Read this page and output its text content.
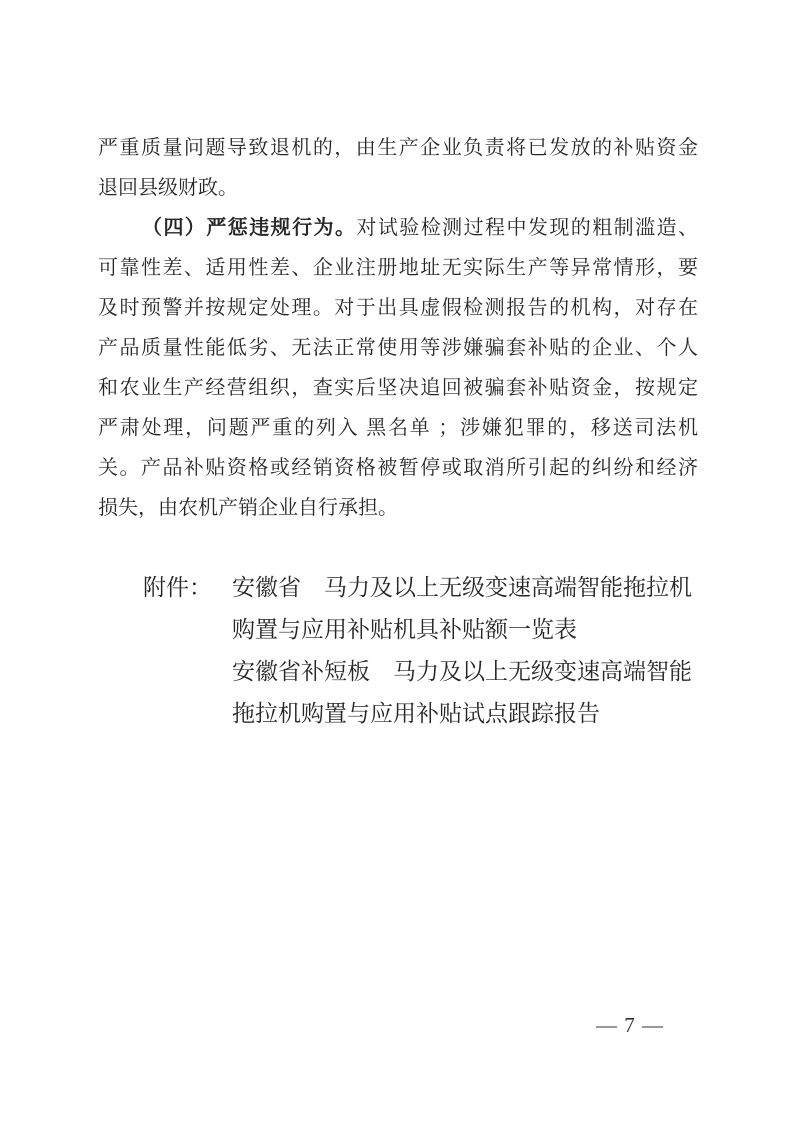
严重质量问题导致退机的，由生产企业负责将已发放的补贴资金
退回县级财政。
（四）严惩违规行为。对试验检测过程中发现的粗制滥造、
可靠性差、适用性差、企业注册地址无实际生产等异常情形，要
及时预警并按规定处理。对于出具虚假检测报告的机构，对存在
产品质量性能低劣、无法正常使用等涉嫌骗套补贴的企业、个人
和农业生产经营组织，查实后坚决追回被骗套补贴资金，按规定
严肃处理，问题严重的列入 黑名单 ；涉嫌犯罪的，移送司法机
关。产品补贴资格或经销资格被暂停或取消所引起的纠纷和经济
损失，由农机产销企业自行承担。
附件： 安徽省　马力及以上无级变速高端智能拖拉机
购置与应用补贴机具补贴额一览表
安徽省补短板　马力及以上无级变速高端智能
拖拉机购置与应用补贴试点跟踪报告
— 7 —
